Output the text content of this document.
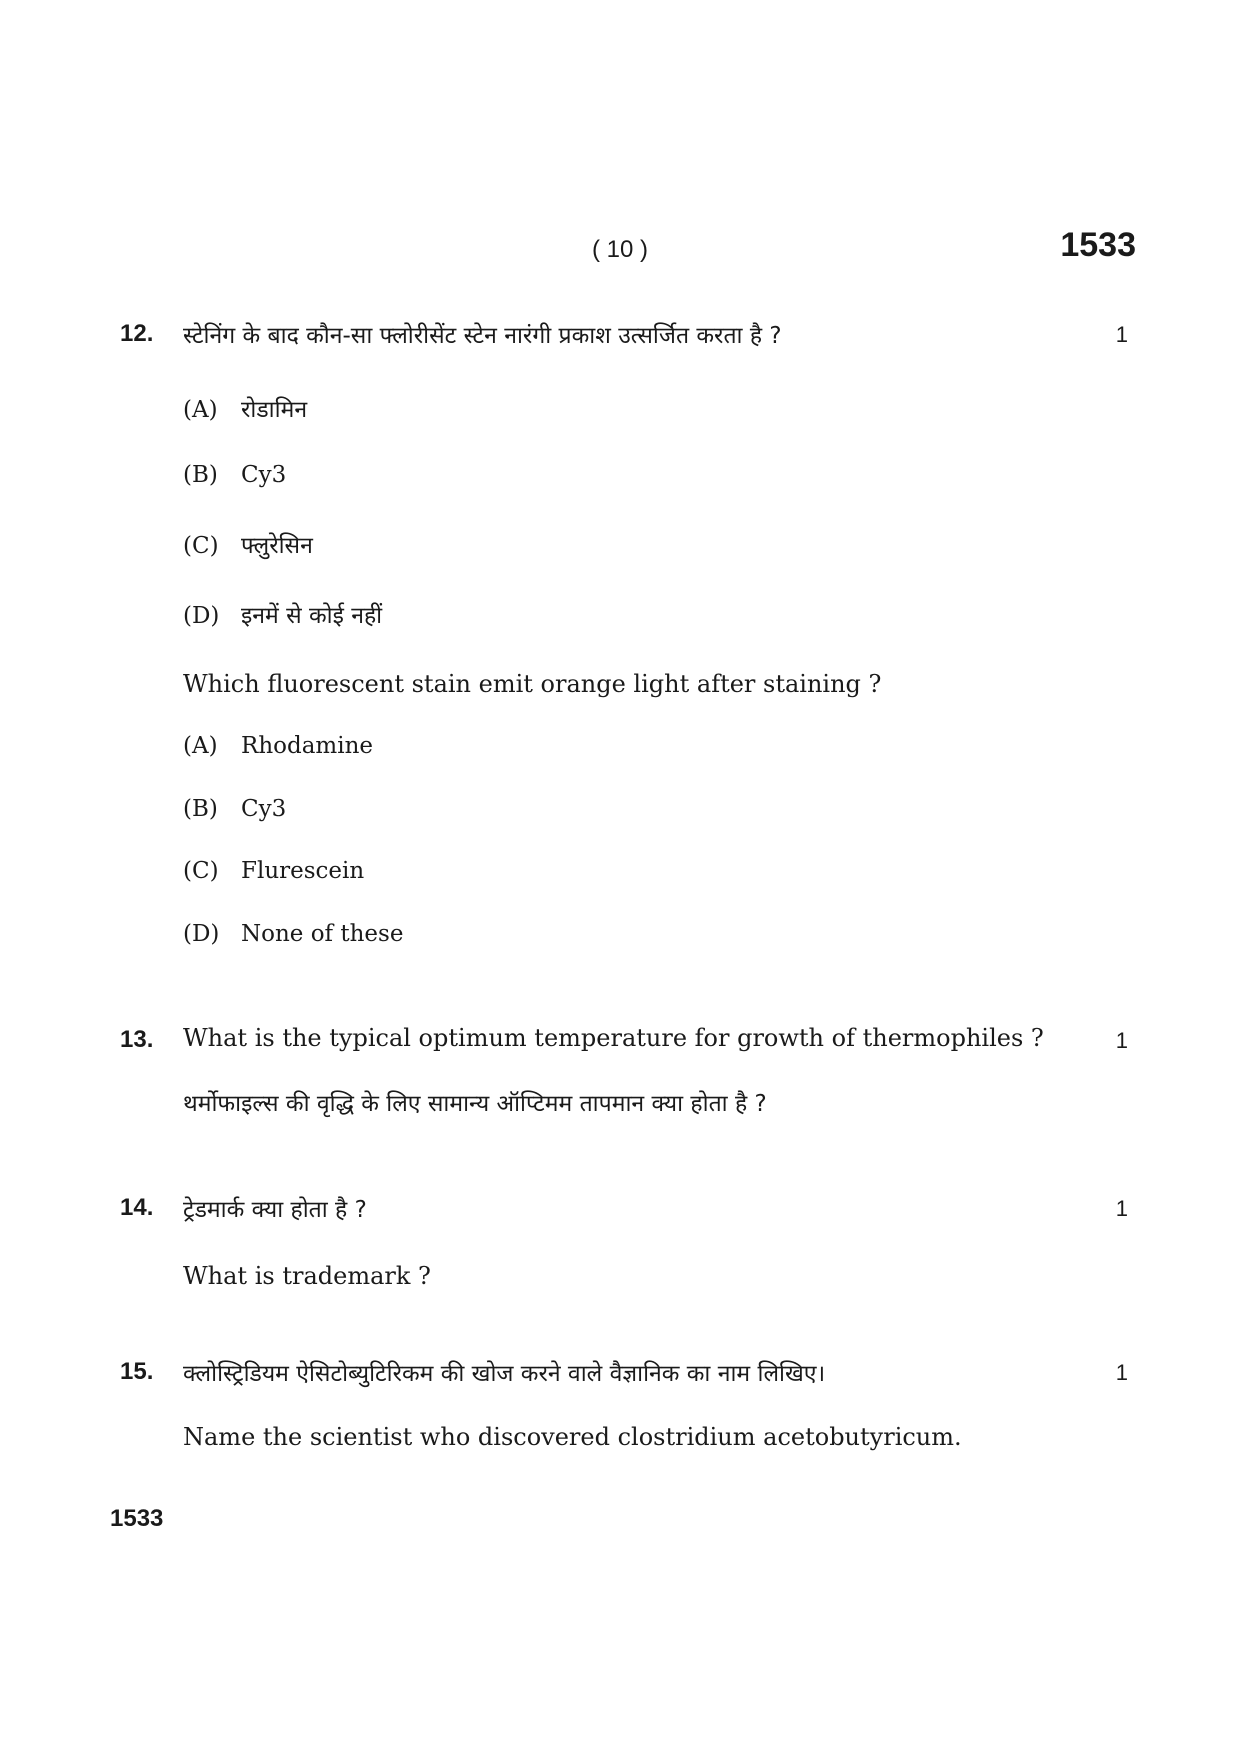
( 10 )	1533
12. स्टेनिंग के बाद कौन-सा फ्लोरीसेंट स्टेन नारंगी प्रकाश उत्सर्जित करता है ?	1
(A) रोडामिन
(B) Cy3
(C) फ्लुरेसिन
(D) इनमें से कोई नहीं
Which fluorescent stain emit orange light after staining ?
(A) Rhodamine
(B) Cy3
(C) Flurescein
(D) None of these
13. What is the typical optimum temperature for growth of thermophiles ?	1
थर्मोफाइल्स की वृद्धि के लिए सामान्य ऑप्टिमम तापमान क्या होता है ?
14. ट्रेडमार्क क्या होता है ?	1
What is trademark ?
15. क्लोस्ट्रिडियम ऐसिटोब्युटिरिकम की खोज करने वाले वैज्ञानिक का नाम लिखिए।	1
Name the scientist who discovered clostridium acetobutyricum.
1533
